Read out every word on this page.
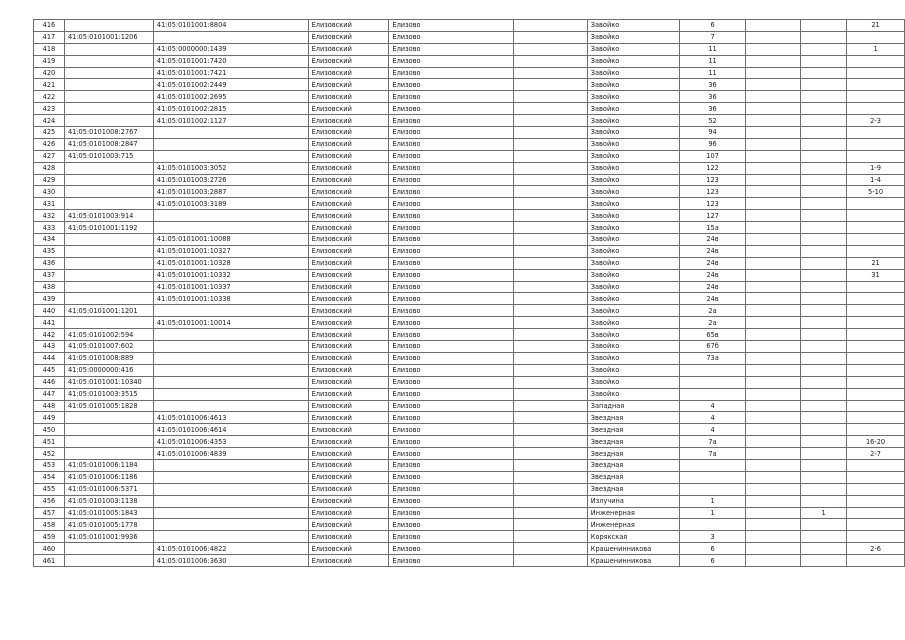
416		41:05:0101001:8804	Елизовский	Елизово		Завойко	6			21
417	41:05:0101001:1206		Елизовский	Елизово		Завойко	7			
418		41:05:0000000:1439	Елизовский	Елизово		Завойко	11			1
419		41:05:0101001:7420	Елизовский	Елизово		Завойко	11			
420		41:05:0101001:7421	Елизовский	Елизово		Завойко	11			
421		41:05:0101002:2449	Елизовский	Елизово		Завойко	36			
422		41:05:0101002:2695	Елизовский	Елизово		Завойко	36			
423		41:05:0101002:2815	Елизовский	Елизово		Завойко	36			
424		41:05:0101002:1127	Елизовский	Елизово		Завойко	52			2-3
425	41:05:0101008:2767		Елизовский	Елизово		Завойко	94			
426	41:05:0101008:2847		Елизовский	Елизово		Завойко	96			
427	41:05:0101003:715		Елизовский	Елизово		Завойко	107			
428		41:05:0101003:3052	Елизовский	Елизово		Завойко	122			1-9
429		41:05:0101003:2726	Елизовский	Елизово		Завойко	123			1-4
430		41:05:0101003:2887	Елизовский	Елизово		Завойко	123			5-10
431		41:05:0101003:3189	Елизовский	Елизово		Завойко	123			
432	41:05:0101003:914		Елизовский	Елизово		Завойко	127			
433	41:05:0101001:1192		Елизовский	Елизово		Завойко	15а			
434		41:05:0101001:10088	Елизовский	Елизово		Завойко	24в			
435		41:05:0101001:10327	Елизовский	Елизово		Завойко	24в			
436		41:05:0101001:10328	Елизовский	Елизово		Завойко	24в			21
437		41:05:0101001:10332	Елизовский	Елизово		Завойко	24в			31
438		41:05:0101001:10337	Елизовский	Елизово		Завойко	24в			
439		41:05:0101001:10338	Елизовский	Елизово		Завойко	24в			
440	41:05:0101001:1201		Елизовский	Елизово		Завойко	2а			
441		41:05:0101001:10014	Елизовский	Елизово		Завойко	2а			
442	41:05:0101002:594		Елизовский	Елизово		Завойко	65в			
443	41:05:0101007:602		Елизовский	Елизово		Завойко	67б			
444	41:05:0101008:889		Елизовский	Елизово		Завойко	73а			
445	41:05:0000000:416		Елизовский	Елизово		Завойко				
446	41:05:0101001:10340		Елизовский	Елизово		Завойко				
447	41:05:0101003:3515		Елизовский	Елизово		Завойко				
448	41:05:0101005:1828		Елизовский	Елизово		Западная	4			
449		41:05:0101006:4613	Елизовский	Елизово		Звездная	4			
450		41:05:0101006:4614	Елизовский	Елизово		Звездная	4			
451		41:05:0101006:4353	Елизовский	Елизово		Звездная	7а			16-20
452		41:05:0101006:4839	Елизовский	Елизово		Звездная	7а			2-7
453	41:05:0101006:1184		Елизовский	Елизово		Звездная				
454	41:05:0101006:1186		Елизовский	Елизово		Звездная				
455	41:05:0101006:5371		Елизовский	Елизово		Звездная				
456	41:05:0101003:1138		Елизовский	Елизово		Излучина	1			
457	41:05:0101005:1843		Елизовский	Елизово		Инженерная	1		1	
458	41:05:0101005:1778		Елизовский	Елизово		Инженерная				
459	41:05:0101001:9936		Елизовский	Елизово		Корякская	3			
460		41:05:0101006:4822	Елизовский	Елизово		Крашенинникова	6			2-6
461		41:05:0101006:3630	Елизовский	Елизово		Крашенинникова	6			
